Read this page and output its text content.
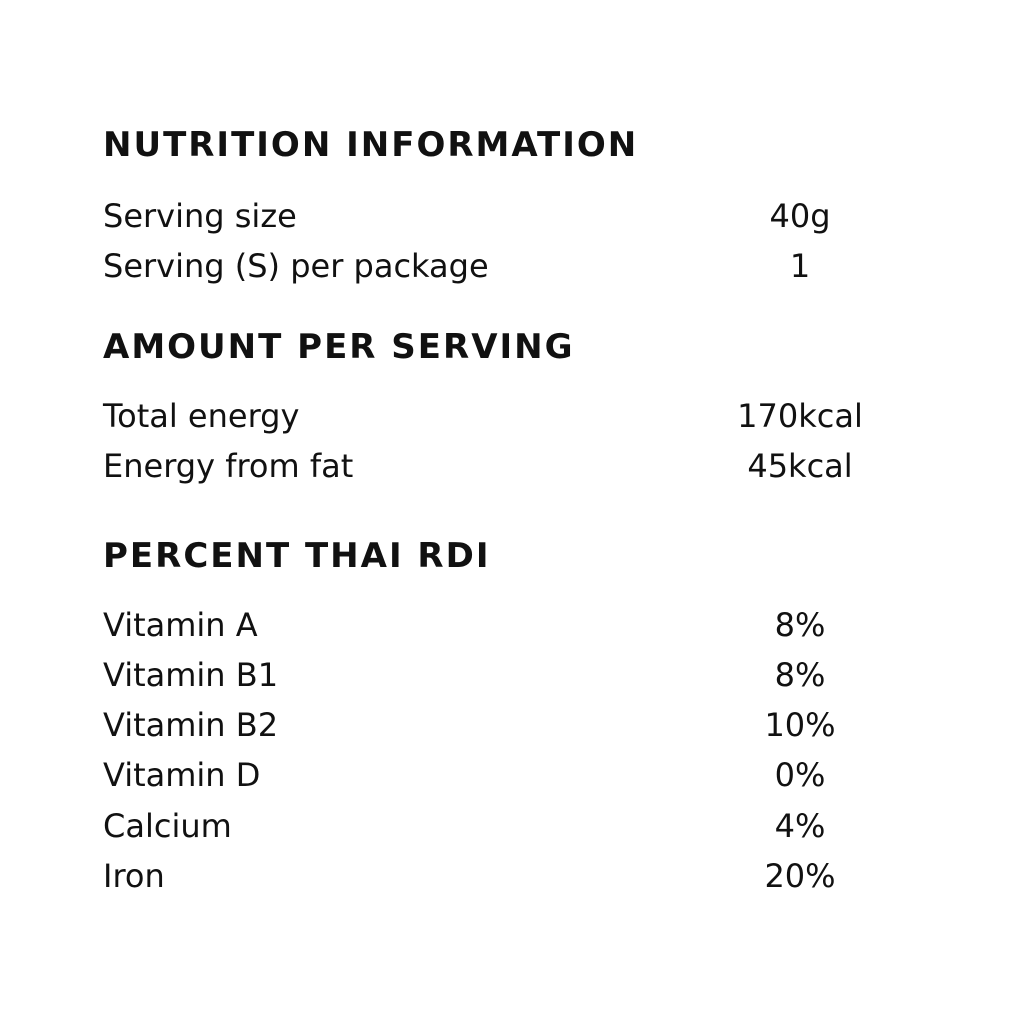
NUTRITION INFORMATION
Serving size	40g
Serving (S) per package	1
AMOUNT PER SERVING
Total energy	170kcal
Energy from fat	45kcal
PERCENT THAI RDI
Vitamin A	8%
Vitamin B1	8%
Vitamin B2	10%
Vitamin D	0%
Calcium	4%
Iron	20%
